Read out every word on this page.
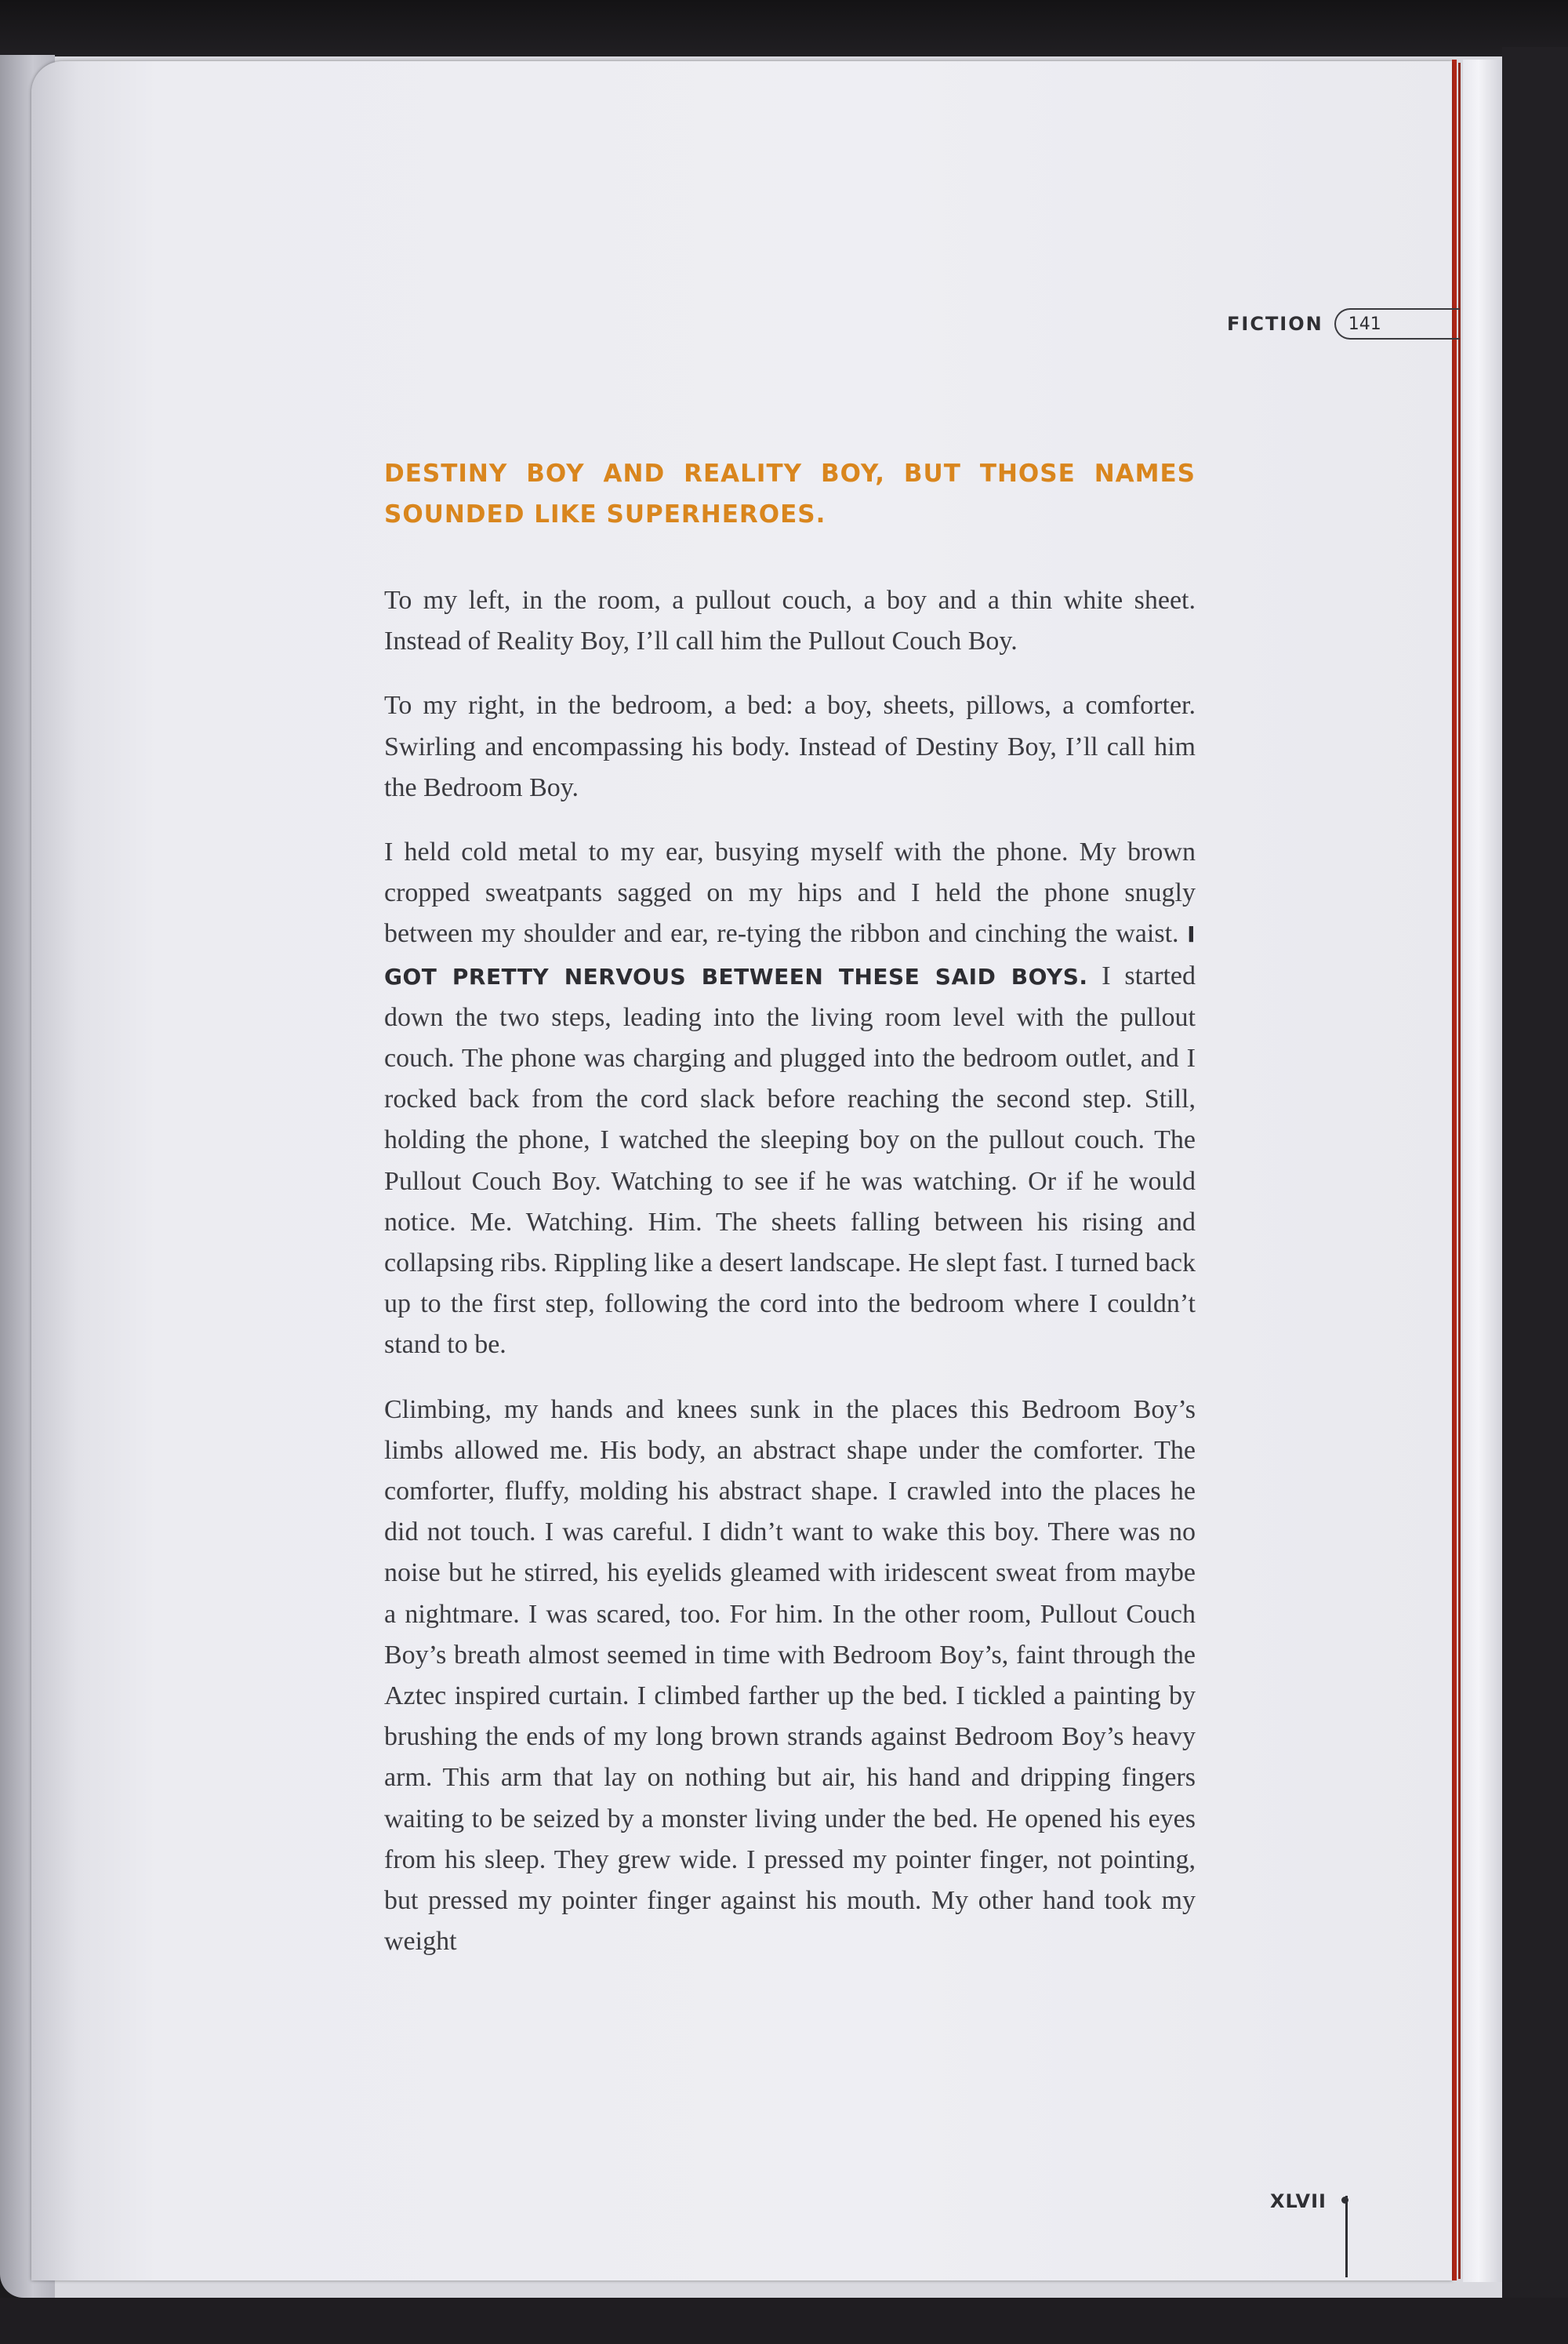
FICTION 141

DESTINY BOY AND REALITY BOY, BUT THOSE NAMES SOUNDED LIKE SUPERHEROES.

To my left, in the room, a pullout couch, a boy and a thin white sheet. Instead of Reality Boy, I’ll call him the Pullout Couch Boy.

To my right, in the bedroom, a bed: a boy, sheets, pillows, a comforter. Swirling and encompassing his body. Instead of Destiny Boy, I’ll call him the Bedroom Boy.

I held cold metal to my ear, busying myself with the phone. My brown cropped sweatpants sagged on my hips and I held the phone snugly between my shoulder and ear, re-tying the ribbon and cinching the waist. I GOT PRETTY NERVOUS BETWEEN THESE SAID BOYS. I started down the two steps, leading into the living room level with the pullout couch. The phone was charging and plugged into the bedroom outlet, and I rocked back from the cord slack before reaching the second step. Still, holding the phone, I watched the sleeping boy on the pullout couch. The Pullout Couch Boy. Watching to see if he was watching. Or if he would notice. Me. Watching. Him. The sheets falling between his rising and collapsing ribs. Rippling like a desert landscape. He slept fast. I turned back up to the first step, following the cord into the bedroom where I couldn’t stand to be.

Climbing, my hands and knees sunk in the places this Bedroom Boy’s limbs allowed me. His body, an abstract shape under the comforter. The comforter, fluffy, molding his abstract shape. I crawled into the places he did not touch. I was careful. I didn’t want to wake this boy. There was no noise but he stirred, his eyelids gleamed with iridescent sweat from maybe a nightmare. I was scared, too. For him. In the other room, Pullout Couch Boy’s breath almost seemed in time with Bedroom Boy’s, faint through the Aztec inspired curtain. I climbed farther up the bed. I tickled a painting by brushing the ends of my long brown strands against Bedroom Boy’s heavy arm. This arm that lay on nothing but air, his hand and dripping fingers waiting to be seized by a monster living under the bed. He opened his eyes from his sleep. They grew wide. I pressed my pointer finger, not pointing, but pressed my pointer finger against his mouth. My other hand took my weight

XLVII
